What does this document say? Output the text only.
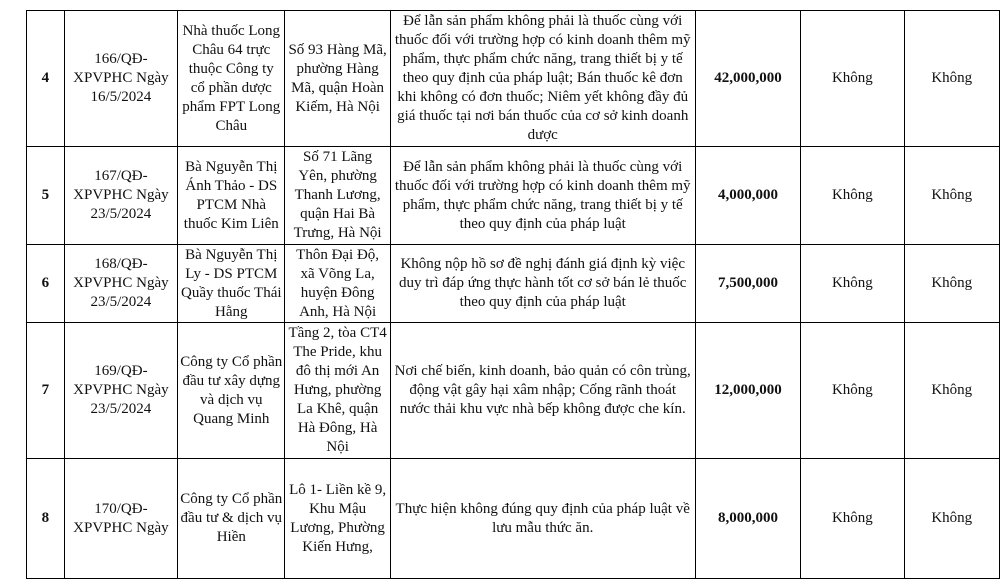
4	166/QĐ-XPVPHC Ngày 16/5/2024	Nhà thuốc Long Châu 64 trực thuộc Công ty cổ phần dược phẩm FPT Long Châu	Số 93 Hàng Mã, phường Hàng Mã, quận Hoàn Kiếm, Hà Nội	Để lẫn sản phẩm không phải là thuốc cùng với thuốc đối với trường hợp có kinh doanh thêm mỹ phẩm, thực phẩm chức năng, trang thiết bị y tế theo quy định của pháp luật; Bán thuốc kê đơn khi không có đơn thuốc; Niêm yết không đầy đủ giá thuốc tại nơi bán thuốc của cơ sở kinh doanh dược	42,000,000	Không	Không
5	167/QĐ-XPVPHC Ngày 23/5/2024	Bà Nguyễn Thị Ánh Thảo - DS PTCM Nhà thuốc Kim Liên	Số 71 Lãng Yên, phường Thanh Lương, quận Hai Bà Trưng, Hà Nội	Để lẫn sản phẩm không phải là thuốc cùng với thuốc đối với trường hợp có kinh doanh thêm mỹ phẩm, thực phẩm chức năng, trang thiết bị y tế theo quy định của pháp luật	4,000,000	Không	Không
6	168/QĐ-XPVPHC Ngày 23/5/2024	Bà Nguyễn Thị Ly - DS PTCM Quầy thuốc Thái Hằng	Thôn Đại Độ, xã Võng La, huyện Đông Anh, Hà Nội	Không nộp hồ sơ đề nghị đánh giá định kỳ việc duy trì đáp ứng thực hành tốt cơ sở bán lẻ thuốc theo quy định của pháp luật	7,500,000	Không	Không
7	169/QĐ-XPVPHC Ngày 23/5/2024	Công ty Cổ phần đầu tư xây dựng và dịch vụ Quang Minh	Tầng 2, tòa CT4 The Pride, khu đô thị mới An Hưng, phường La Khê, quận Hà Đông, Hà Nội	Nơi chế biến, kinh doanh, bảo quản có côn trùng, động vật gây hại xâm nhập; Cống rãnh thoát nước thải khu vực nhà bếp không được che kín.	12,000,000	Không	Không
8	170/QĐ-XPVPHC Ngày	Công ty Cổ phần đầu tư & dịch vụ Hiền	Lô 1- Liền kề 9, Khu Mậu Lương, Phường Kiến Hưng,	Thực hiện không đúng quy định của pháp luật về lưu mẫu thức ăn.	8,000,000	Không	Không
